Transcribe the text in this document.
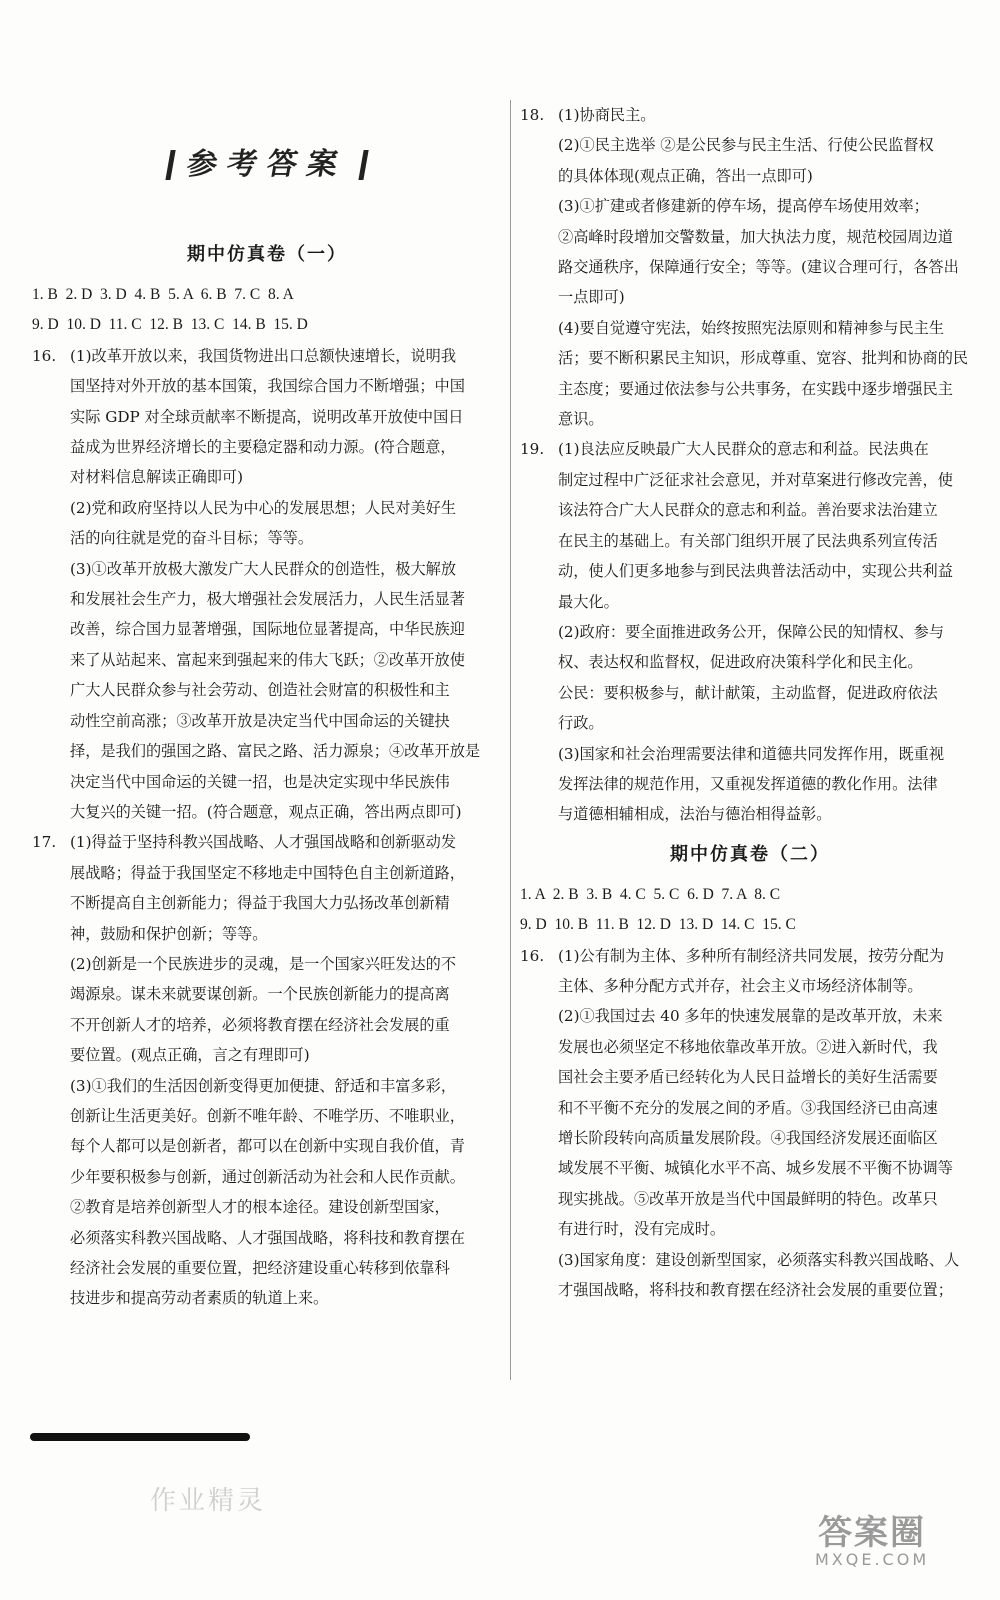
参考答案
期中仿真卷（一）
1. B  2. D  3. D  4. B  5. A  6. B  7. C  8. A
9. D  10. D  11. C  12. B  13. C  14. B  15. D
16. (1)改革开放以来，我国货物进出口总额快速增长，说明我
国坚持对外开放的基本国策，我国综合国力不断增强；中国
实际 GDP 对全球贡献率不断提高，说明改革开放使中国日
益成为世界经济增长的主要稳定器和动力源。(符合题意，
对材料信息解读正确即可)
(2)党和政府坚持以人民为中心的发展思想；人民对美好生
活的向往就是党的奋斗目标；等等。
(3)①改革开放极大激发广大人民群众的创造性，极大解放
和发展社会生产力，极大增强社会发展活力，人民生活显著
改善，综合国力显著增强，国际地位显著提高，中华民族迎
来了从站起来、富起来到强起来的伟大飞跃；②改革开放使
广大人民群众参与社会劳动、创造社会财富的积极性和主
动性空前高涨；③改革开放是决定当代中国命运的关键抉
择，是我们的强国之路、富民之路、活力源泉；④改革开放是
决定当代中国命运的关键一招，也是决定实现中华民族伟
大复兴的关键一招。(符合题意，观点正确，答出两点即可)
17. (1)得益于坚持科教兴国战略、人才强国战略和创新驱动发
展战略；得益于我国坚定不移地走中国特色自主创新道路，
不断提高自主创新能力；得益于我国大力弘扬改革创新精
神，鼓励和保护创新；等等。
(2)创新是一个民族进步的灵魂，是一个国家兴旺发达的不
竭源泉。谋未来就要谋创新。一个民族创新能力的提高离
不开创新人才的培养，必须将教育摆在经济社会发展的重
要位置。(观点正确，言之有理即可)
(3)①我们的生活因创新变得更加便捷、舒适和丰富多彩，
创新让生活更美好。创新不唯年龄、不唯学历、不唯职业，
每个人都可以是创新者，都可以在创新中实现自我价值，青
少年要积极参与创新，通过创新活动为社会和人民作贡献。
②教育是培养创新型人才的根本途径。建设创新型国家，
必须落实科教兴国战略、人才强国战略，将科技和教育摆在
经济社会发展的重要位置，把经济建设重心转移到依靠科
技进步和提高劳动者素质的轨道上来。
18. (1)协商民主。
(2)①民主选举 ②是公民参与民主生活、行使公民监督权
的具体体现(观点正确，答出一点即可)
(3)①扩建或者修建新的停车场，提高停车场使用效率；
②高峰时段增加交警数量，加大执法力度，规范校园周边道
路交通秩序，保障通行安全；等等。(建议合理可行，各答出
一点即可)
(4)要自觉遵守宪法，始终按照宪法原则和精神参与民主生
活；要不断积累民主知识，形成尊重、宽容、批判和协商的民
主态度；要通过依法参与公共事务，在实践中逐步增强民主
意识。
19. (1)良法应反映最广大人民群众的意志和利益。民法典在
制定过程中广泛征求社会意见，并对草案进行修改完善，使
该法符合广大人民群众的意志和利益。善治要求法治建立
在民主的基础上。有关部门组织开展了民法典系列宣传活
动，使人们更多地参与到民法典普法活动中，实现公共利益
最大化。
(2)政府：要全面推进政务公开，保障公民的知情权、参与
权、表达权和监督权，促进政府决策科学化和民主化。
公民：要积极参与，献计献策，主动监督，促进政府依法
行政。
(3)国家和社会治理需要法律和道德共同发挥作用，既重视
发挥法律的规范作用，又重视发挥道德的教化作用。法律
与道德相辅相成，法治与德治相得益彰。
期中仿真卷（二）
1. A  2. B  3. B  4. C  5. C  6. D  7. A  8. C
9. D  10. B  11. B  12. D  13. D  14. C  15. C
16. (1)公有制为主体、多种所有制经济共同发展，按劳分配为
主体、多种分配方式并存，社会主义市场经济体制等。
(2)①我国过去 40 多年的快速发展靠的是改革开放，未来
发展也必须坚定不移地依靠改革开放。②进入新时代，我
国社会主要矛盾已经转化为人民日益增长的美好生活需要
和不平衡不充分的发展之间的矛盾。③我国经济已由高速
增长阶段转向高质量发展阶段。④我国经济发展还面临区
域发展不平衡、城镇化水平不高、城乡发展不平衡不协调等
现实挑战。⑤改革开放是当代中国最鲜明的特色。改革只
有进行时，没有完成时。
(3)国家角度：建设创新型国家，必须落实科教兴国战略、人
才强国战略，将科技和教育摆在经济社会发展的重要位置；
作业精灵
答案圈
MXQE.COM
